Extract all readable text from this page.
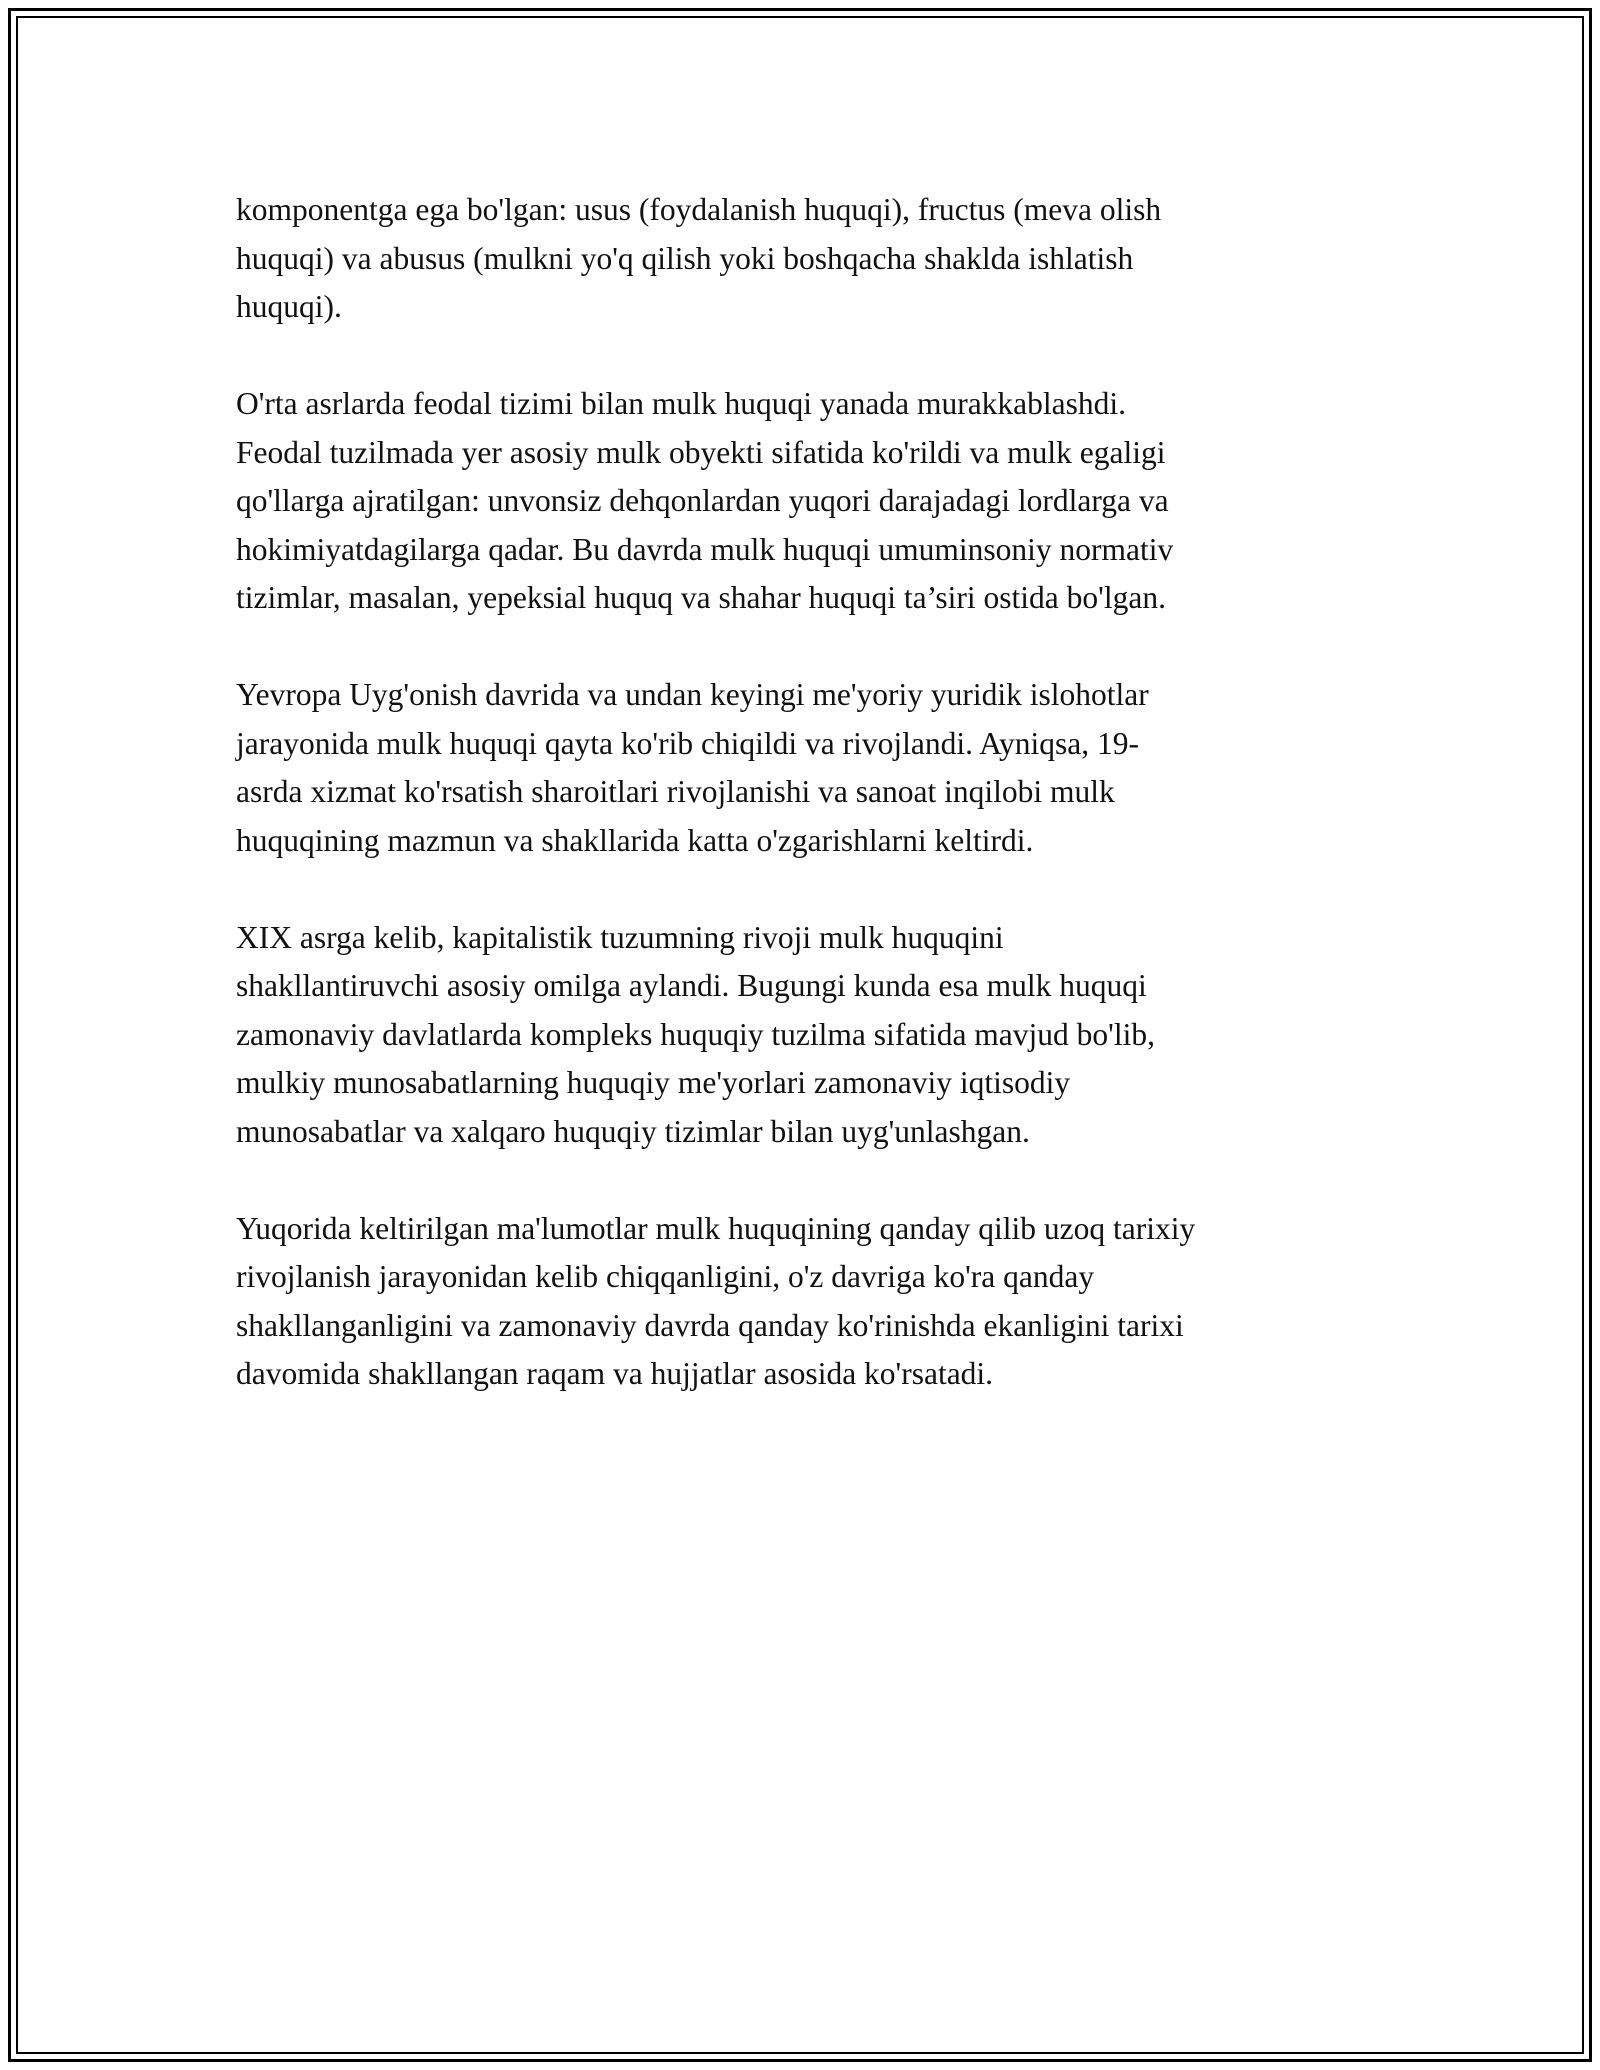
komponentga ega bo'lgan: usus (foydalanish huquqi), fructus (meva olish
huquqi) va abusus (mulkni yo'q qilish yoki boshqacha shaklda ishlatish
huquqi).

O'rta asrlarda feodal tizimi bilan mulk huquqi yanada murakkablashdi.
Feodal tuzilmada yer asosiy mulk obyekti sifatida ko'rildi va mulk egaligi
qo'llarga ajratilgan: unvonsiz dehqonlardan yuqori darajadagi lordlarga va
hokimiyatdagilarga qadar. Bu davrda mulk huquqi umuminsoniy normativ
tizimlar, masalan, yepeksial huquq va shahar huquqi ta’siri ostida bo'lgan.

Yevropa Uyg'onish davrida va undan keyingi me'yoriy yuridik islohotlar
jarayonida mulk huquqi qayta ko'rib chiqildi va rivojlandi. Ayniqsa, 19-
asrda xizmat ko'rsatish sharoitlari rivojlanishi va sanoat inqilobi mulk
huquqining mazmun va shakllarida katta o'zgarishlarni keltirdi.

XIX asrga kelib, kapitalistik tuzumning rivoji mulk huquqini
shakllantiruvchi asosiy omilga aylandi. Bugungi kunda esa mulk huquqi
zamonaviy davlatlarda kompleks huquqiy tuzilma sifatida mavjud bo'lib,
mulkiy munosabatlarning huquqiy me'yorlari zamonaviy iqtisodiy
munosabatlar va xalqaro huquqiy tizimlar bilan uyg'unlashgan.

Yuqorida keltirilgan ma'lumotlar mulk huquqining qanday qilib uzoq tarixiy
rivojlanish jarayonidan kelib chiqqanligini, o'z davriga ko'ra qanday
shakllanganligini va zamonaviy davrda qanday ko'rinishda ekanligini tarixi
davomida shakllangan raqam va hujjatlar asosida ko'rsatadi.
